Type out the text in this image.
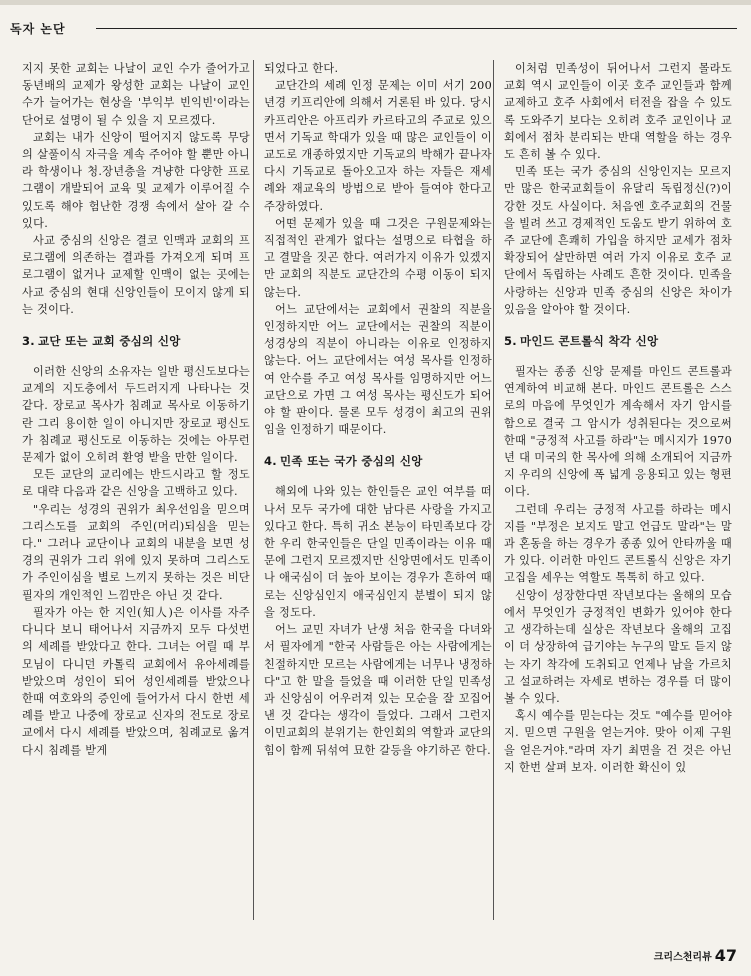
독자 논단

지지 못한 교회는 나날이 교인 수가 줄어가고 동년배의 교제가 왕성한 교회는 나날이 교인 수가 늘어가는 현상을 '부익부 빈익빈'이라는 단어로 설명이 될 수 있을 지 모르겠다.

교회는 내가 신앙이 떨어지지 않도록 무당의 살풀이식 자극을 계속 주어야 할 뿐만 아니라 학생이나 청.장년층을 겨냥한 다양한 프로그램이 개발되어 교육 및 교제가 이루어질 수 있도록 해야 험난한 경쟁 속에서 살아 갈 수 있다.

사교 중심의 신앙은 결코 인맥과 교회의 프로그램에 의존하는 결과를 가져오게 되며 프로그램이 없거나 교제할 인맥이 없는 곳에는 사교 중심의 현대 신앙인들이 모이지 않게 되는 것이다.

3. 교단 또는 교회 중심의 신앙

이러한 신앙의 소유자는 일반 평신도보다는 교계의 지도층에서 두드러지게 나타나는 것 같다. 장로교 목사가 침례교 목사로 이동하기란 그리 용이한 일이 아니지만 장로교 평신도가 침례교 평신도로 이동하는 것에는 아무런 문제가 없이 오히려 환영 받을 만한 일이다.

모든 교단의 교리에는 반드시라고 할 정도로 대략 다음과 같은 신앙을 고백하고 있다.

"우리는 성경의 권위가 최우선임을 믿으며 그리스도를 교회의 주인(머리)되심을 믿는다." 그러나 교단이나 교회의 내분을 보면 성경의 권위가 그리 위에 있지 못하며 그리스도가 주인이심을 별로 느끼지 못하는 것은 비단 필자의 개인적인 느낌만은 아닌 것 같다.

필자가 아는 한 지인(知人)은 이사를 자주 다니다 보니 태어나서 지금까지 모두 다섯번의 세례를 받았다고 한다. 그녀는 어릴 때 부모님이 다니던 카톨릭 교회에서 유아세례를 받았으며 성인이 되어 성인세례를 받았으나 한때 여호와의 증인에 들어가서 다시 한번 세례를 받고 나중에 장로교 신자의 전도로 장로교에서 다시 세례를 받았으며, 침례교로 옮겨 다시 침례를 받게

되었다고 한다.

교단간의 세례 인정 문제는 이미 서기 200년경 키프리안에 의해서 거론된 바 있다. 당시 카프리안은 아프리카 카르타고의 주교로 있으면서 기독교 학대가 있을 때 많은 교인들이 이교도로 개종하였지만 기독교의 박해가 끝나자 다시 기독교로 돌아오고자 하는 자들은 재세례와 재교육의 방법으로 받아 들여야 한다고 주장하였다.

어떤 문제가 있을 때 그것은 구원문제와는 직접적인 관계가 없다는 설명으로 타협을 하고 결말을 짓곤 한다. 여러가지 이유가 있겠지만 교회의 직분도 교단간의 수평 이동이 되지 않는다.

어느 교단에서는 교회에서 권찰의 직분을 인정하지만 어느 교단에서는 권찰의 직분이 성경상의 직분이 아니라는 이유로 인정하지 않는다. 어느 교단에서는 여성 목사를 인정하여 안수를 주고 여성 목사를 임명하지만 어느 교단으로 가면 그 여성 목사는 평신도가 되어야 할 판이다. 물론 모두 성경이 최고의 권위임을 인정하기 때문이다.

4. 민족 또는 국가 중심의 신앙

해외에 나와 있는 한인들은 교인 여부를 떠나서 모두 국가에 대한 남다른 사랑을 가지고 있다고 한다. 특히 귀소 본능이 타민족보다 강한 우리 한국인들은 단일 민족이라는 이유 때문에 그런지 모르겠지만 신앙면에서도 민족이나 애국심이 더 높아 보이는 경우가 흔하여 때로는 신앙심인지 애국심인지 분별이 되지 않을 정도다.

어느 교민 자녀가 난생 처음 한국을 다녀와서 필자에게 "한국 사람들은 아는 사람에게는 친절하지만 모르는 사람에게는 너무나 냉정하다"고 한 말을 들었을 때 이러한 단일 민족성과 신앙심이 어우러져 있는 모순을 잘 꼬집어 낸 것 같다는 생각이 들었다. 그래서 그런지 이민교회의 분위기는 한인회의 역할과 교단의 힘이 함께 뒤섞여 묘한 갈등을 야기하곤 한다.

이처럼 민족성이 뒤어나서 그런지 몰라도 교회 역시 교인들이 이곳 호주 교인들과 함께 교제하고 호주 사회에서 터전을 잡을 수 있도록 도와주기 보다는 오히려 호주 교인이나 교회에서 점차 분리되는 반대 역할을 하는 경우도 흔히 볼 수 있다.

민족 또는 국가 중심의 신앙인지는 모르지만 많은 한국교회들이 유달리 독립정신(?)이 강한 것도 사실이다. 처음엔 호주교회의 건물을 빌려 쓰고 경제적인 도움도 받기 위하여 호주 교단에 흔쾌히 가입을 하지만 교세가 점차 확장되어 살만하면 여러 가지 이유로 호주 교단에서 독립하는 사례도 흔한 것이다. 민족을 사랑하는 신앙과 민족 중심의 신앙은 차이가 있음을 알아야 할 것이다.

5. 마인드 콘트롤식 착각 신앙

필자는 종종 신앙 문제를 마인드 콘트롤과 연계하여 비교해 본다. 마인드 콘트롤은 스스로의 마음에 무엇인가 계속해서 자기 암시를 함으로 결국 그 암시가 성취된다는 것으로써 한때 "긍정적 사고를 하라"는 메시지가 1970년 대 미국의 한 목사에 의해 소개되어 지금까지 우리의 신앙에 폭 넓게 응용되고 있는 형편이다.

그런데 우리는 긍정적 사고를 하라는 메시지를 "부정은 보지도 말고 언급도 말라"는 말과 혼동을 하는 경우가 종종 있어 안타까울 때가 있다. 이러한 마인드 콘트롤식 신앙은 자기 고집을 세우는 역할도 톡톡히 하고 있다.

신앙이 성장한다면 작년보다는 올해의 모습에서 무엇인가 긍정적인 변화가 있어야 한다고 생각하는데 실상은 작년보다 올해의 고집이 더 상장하여 급기야는 누구의 말도 듣지 않는 자기 착각에 도취되고 언제나 남을 가르치고 설교하려는 자세로 변하는 경우를 더 많이 볼 수 있다.

혹시 예수를 믿는다는 것도 "예수를 믿어야지. 믿으면 구원을 얻는거야. 맞아 이제 구원을 얻은거야."라며 자기 최면을 건 것은 아닌지 한번 살펴 보자. 이러한 확신이 있

크리스천리뷰 47
